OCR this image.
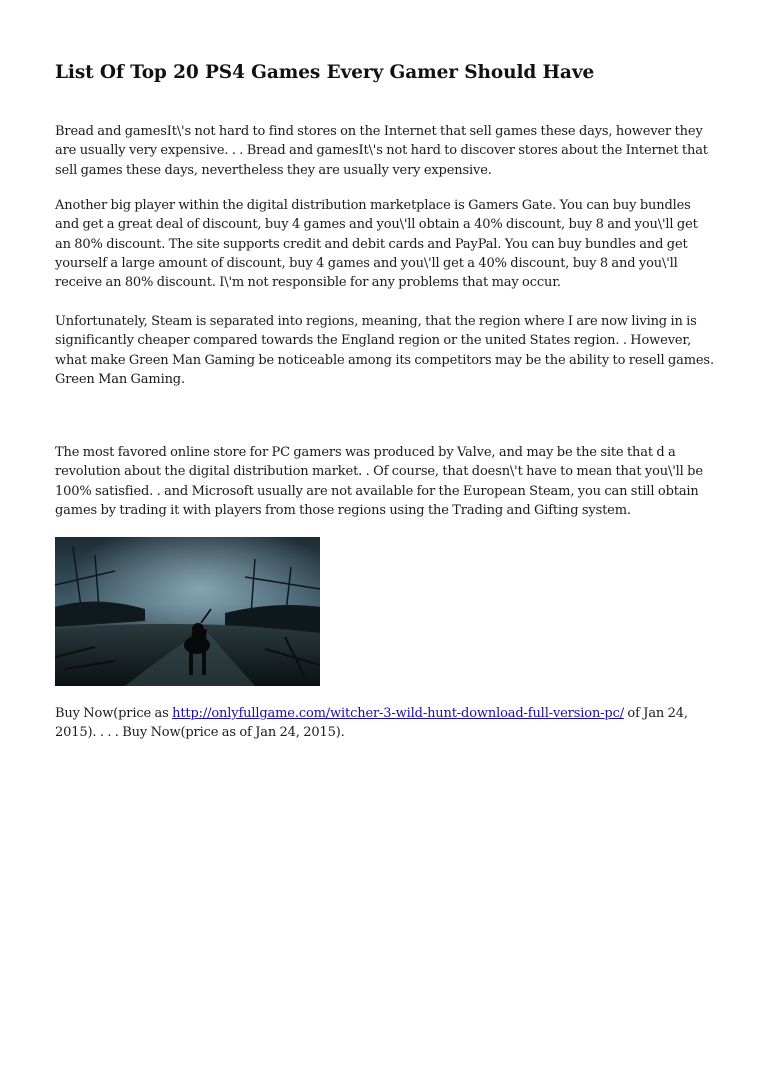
List Of Top 20 PS4 Games Every Gamer Should Have

Bread and gamesIt\'s not hard to find stores on the Internet that sell games these days, however they are usually very expensive. . . Bread and gamesIt\'s not hard to discover stores about the Internet that sell games these days, nevertheless they are usually very expensive.

Another big player within the digital distribution marketplace is Gamers Gate. You can buy bundles and get a great deal of discount, buy 4 games and you\'ll obtain a 40% discount, buy 8 and you\'ll get an 80% discount. The site supports credit and debit cards and PayPal. You can buy bundles and get yourself a large amount of discount, buy 4 games and you\'ll get a 40% discount, buy 8 and you\'ll receive an 80% discount. I\'m not responsible for any problems that may occur.

Unfortunately, Steam is separated into regions, meaning, that the region where I are now living in is significantly cheaper compared towards the England region or the united States region. . However, what make Green Man Gaming be noticeable among its competitors may be the ability to resell games. Green Man Gaming.

The most favored online store for PC gamers was produced by Valve, and may be the site that d a revolution about the digital distribution market. . Of course, that doesn\'t have to mean that you\'ll be 100% satisfied. . and Microsoft usually are not available for the European Steam, you can still obtain games by trading it with players from those regions using the Trading and Gifting system.

Buy Now(price as http://onlyfullgame.com/witcher-3-wild-hunt-download-full-version-pc/ of Jan 24, 2015). . . . Buy Now(price as of Jan 24, 2015).
